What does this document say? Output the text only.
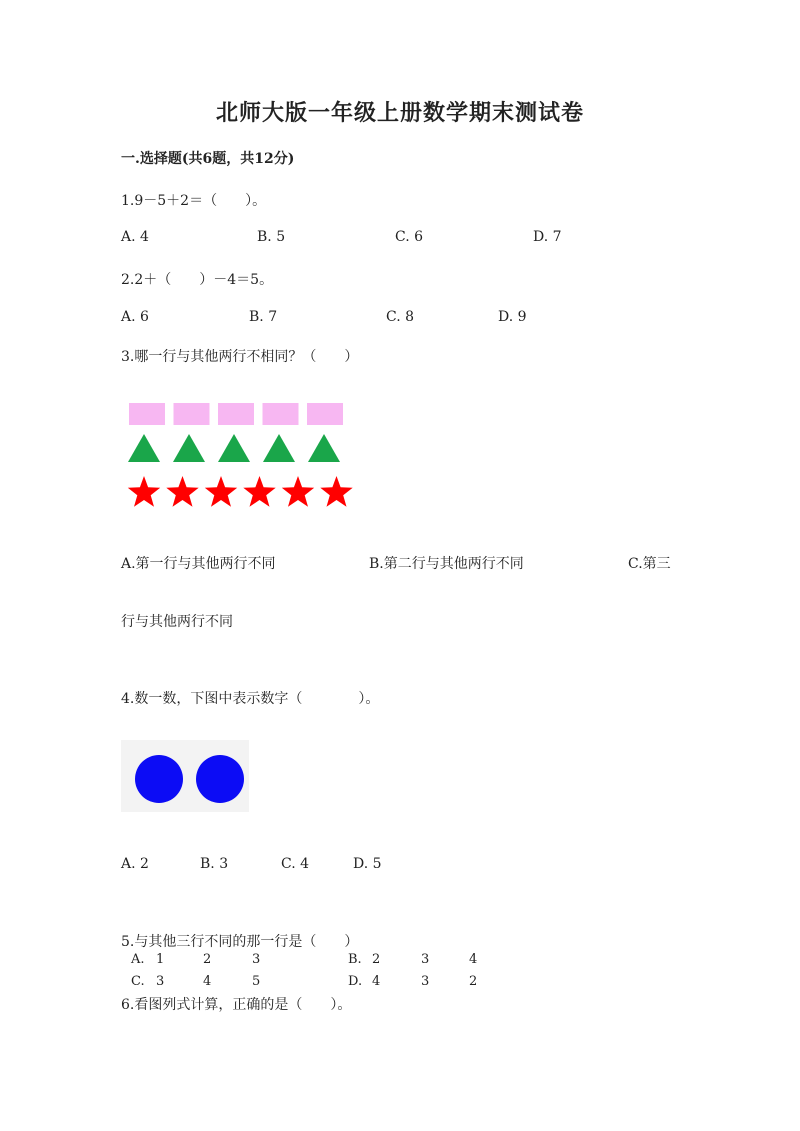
北师大版一年级上册数学期末测试卷
一.选择题(共6题，共12分)
1.9－5＋2＝（　　）。
A. 4	B. 5	C. 6	D. 7
2.2＋（　　）－4＝5。
A. 6	B. 7	C. 8	D. 9
3.哪一行与其他两行不相同？（　　）
A.第一行与其他两行不同	B.第二行与其他两行不同	C.第三
行与其他两行不同
4.数一数，下图中表示数字（　　　　）。
A. 2	B. 3	C. 4	D. 5
5.与其他三行不同的那一行是（　　）
A. 1	2	3	B. 2	3	4
C. 3	4	5	D. 4	3	2
6.看图列式计算，正确的是（　　）。
